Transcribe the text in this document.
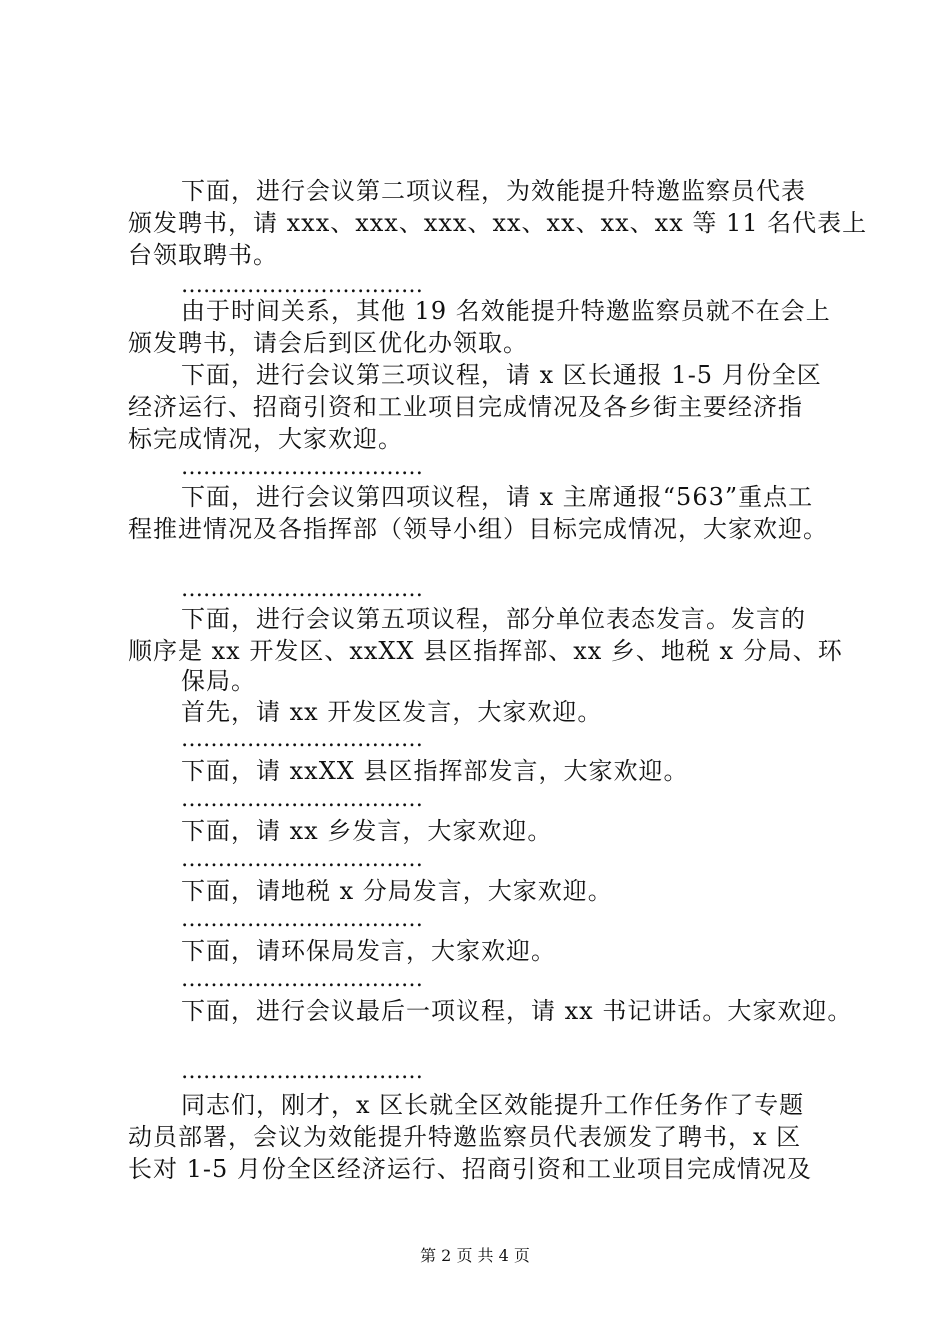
下面，进行会议第二项议程，为效能提升特邀监察员代表
颁发聘书，请 xxx、xxx、xxx、xx、xx、xx、xx 等 11 名代表上
台领取聘书。
……………………………
由于时间关系，其他 19 名效能提升特邀监察员就不在会上
颁发聘书，请会后到区优化办领取。
下面，进行会议第三项议程，请 x 区长通报 1-5 月份全区
经济运行、招商引资和工业项目完成情况及各乡街主要经济指
标完成情况，大家欢迎。
……………………………
下面，进行会议第四项议程，请 x 主席通报“563”重点工
程推进情况及各指挥部（领导小组）目标完成情况，大家欢迎。
……………………………
下面，进行会议第五项议程，部分单位表态发言。发言的
顺序是 xx 开发区、xxXX 县区指挥部、xx 乡、地税 x 分局、环
保局。
首先，请 xx 开发区发言，大家欢迎。
……………………………
下面，请 xxXX 县区指挥部发言，大家欢迎。
……………………………
下面，请 xx 乡发言，大家欢迎。
……………………………
下面，请地税 x 分局发言，大家欢迎。
……………………………
下面，请环保局发言，大家欢迎。
……………………………
下面，进行会议最后一项议程，请 xx 书记讲话。大家欢迎。
……………………………
同志们，刚才，x 区长就全区效能提升工作任务作了专题
动员部署，会议为效能提升特邀监察员代表颁发了聘书，x 区
长对 1-5 月份全区经济运行、招商引资和工业项目完成情况及
第 2 页 共 4 页
